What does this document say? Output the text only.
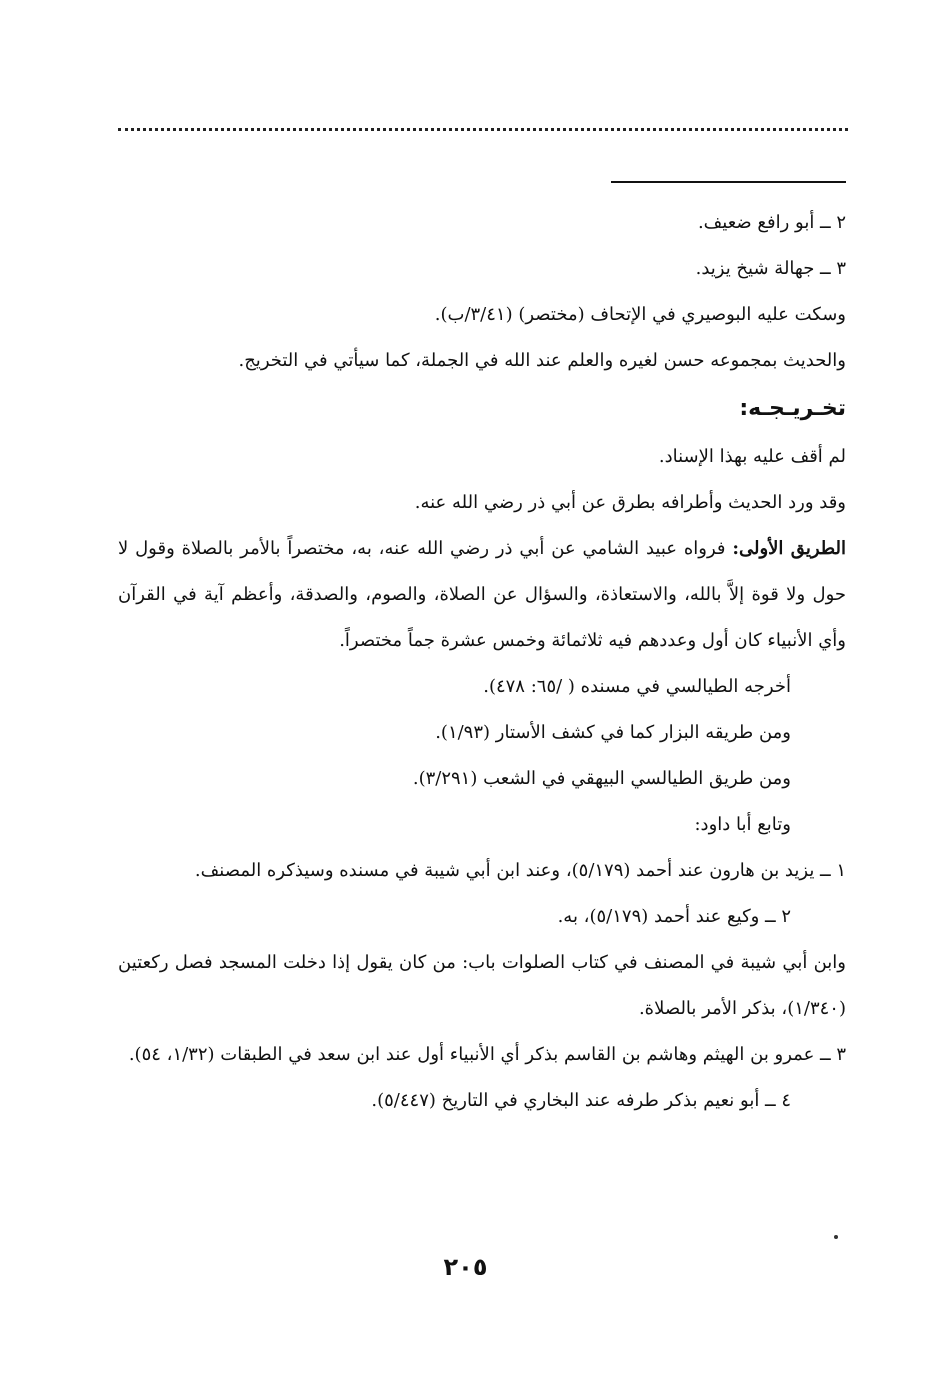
٢ ــ أبو رافع ضعيف.

٣ ــ جهالة شيخ يزيد.

وسكت عليه البوصيري في الإتحاف (مختصر) (٣/٤١/ب).

والحديث بمجموعه حسن لغيره والعلم عند الله في الجملة، كما سيأتي في التخريج.

تخـريـجـه:

لم أقف عليه بهذا الإسناد.

وقد ورد الحديث وأطرافه بطرق عن أبي ذر رضي الله عنه.

الطريق الأولى: فرواه عبيد الشامي عن أبي ذر رضي الله عنه، به، مختصراً بالأمر بالصلاة وقول لا حول ولا قوة إلاَّ بالله، والاستعاذة، والسؤال عن الصلاة، والصوم، والصدقة، وأعظم آية في القرآن وأي الأنبياء كان أول وعددهم فيه ثلاثمائة وخمس عشرة جماً مختصراً.

أخرجه الطيالسي في مسنده ( /٦٥: ٤٧٨).

ومن طريقه البزار كما في كشف الأستار (١/٩٣).

ومن طريق الطيالسي البيهقي في الشعب (٣/٢٩١).

وتابع أبا داود:

١ ــ يزيد بن هارون عند أحمد (٥/١٧٩)، وعند ابن أبي شيبة في مسنده وسيذكره المصنف.

٢ ــ وكيع عند أحمد (٥/١٧٩)، به.

وابن أبي شيبة في المصنف في كتاب الصلوات باب: من كان يقول إذا دخلت المسجد فصل ركعتين (١/٣٤٠)، بذكر الأمر بالصلاة.

٣ ــ عمرو بن الهيثم وهاشم بن القاسم بذكر أي الأنبياء أول عند ابن سعد في الطبقات (١/٣٢، ٥٤).

٤ ــ أبو نعيم بذكر طرفه عند البخاري في التاريخ (٥/٤٤٧).

٢٠٥
